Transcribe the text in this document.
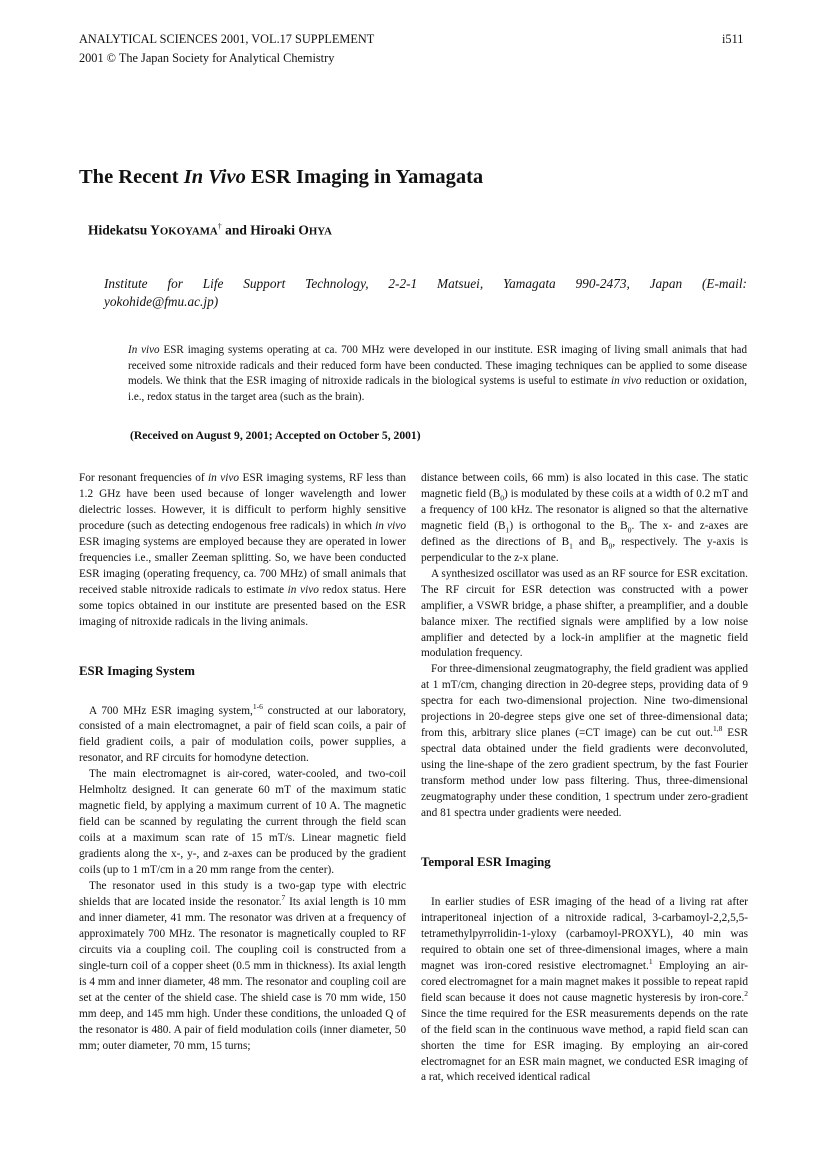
ANALYTICAL SCIENCES 2001, VOL.17 SUPPLEMENT
2001 © The Japan Society for Analytical Chemistry
i511
The Recent In Vivo ESR Imaging in Yamagata
Hidekatsu YOKOYAMA† and Hiroaki OHYA
Institute for Life Support Technology, 2-2-1 Matsuei, Yamagata 990-2473, Japan (E-mail:
yokohide@fmu.ac.jp)
In vivo ESR imaging systems operating at ca. 700 MHz were developed in our institute. ESR imaging of living small animals that had received some nitroxide radicals and their reduced form have been conducted. These imaging techniques can be applied to some disease models. We think that the ESR imaging of nitroxide radicals in the biological systems is useful to estimate in vivo reduction or oxidation, i.e., redox status in the target area (such as the brain).
(Received on August 9, 2001; Accepted on October 5, 2001)

For resonant frequencies of in vivo ESR imaging systems, RF less than 1.2 GHz have been used because of longer wavelength and lower dielectric losses. However, it is difficult to perform highly sensitive procedure (such as detecting endogenous free radicals) in which in vivo ESR imaging systems are employed because they are operated in lower frequencies i.e., smaller Zeeman splitting. So, we have been conducted ESR imaging (operating frequency, ca. 700 MHz) of small animals that received stable nitroxide radicals to estimate in vivo redox status. Here some topics obtained in our institute are presented based on the ESR imaging of nitroxide radicals in the living animals.

ESR Imaging System

A 700 MHz ESR imaging system,$^{1-6}$ constructed at our laboratory, consisted of a main electromagnet, a pair of field scan coils, a pair of field gradient coils, a pair of modulation coils, power supplies, a resonator, and RF circuits for homodyne detection.

The main electromagnet is air-cored, water-cooled, and two-coil Helmholtz designed. It can generate 60 mT of the maximum static magnetic field, by applying a maximum current of 10 A. The magnetic field can be scanned by regulating the current through the field scan coils at a maximum scan rate of 15 mT/s. Linear magnetic field gradients along the x-, y-, and z-axes can be produced by the gradient coils (up to 1 mT/cm in a 20 mm range from the center).

The resonator used in this study is a two-gap type with electric shields that are located inside the resonator.$^7$ Its axial length is 10 mm and inner diameter, 41 mm. The resonator was driven at a frequency of approximately 700 MHz. The resonator is magnetically coupled to RF circuits via a coupling coil. The coupling coil is constructed from a single-turn coil of a copper sheet (0.5 mm in thickness). Its axial length is 4 mm and inner diameter, 48 mm. The resonator and coupling coil are set at the center of the shield case. The shield case is 70 mm wide, 150 mm deep, and 145 mm high. Under these conditions, the unloaded Q of the resonator is 480. A pair of field modulation coils (inner diameter, 50 mm; outer diameter, 70 mm, 15 turns;

distance between coils, 66 mm) is also located in this case. The static magnetic field $(B_0)$ is modulated by these coils at a width of 0.2 mT and a frequency of 100 kHz. The resonator is aligned so that the alternative magnetic field $(B_1)$ is orthogonal to the $B_0$. The x- and z-axes are defined as the directions of $B_1$ and $B_0$, respectively. The y-axis is perpendicular to the z-x plane.

A synthesized oscillator was used as an RF source for ESR excitation. The RF circuit for ESR detection was constructed with a power amplifier, a VSWR bridge, a phase shifter, a preamplifier, and a double balance mixer. The rectified signals were amplified by a low noise amplifier and detected by a lock-in amplifier at the magnetic field modulation frequency.

For three-dimensional zeugmatography, the field gradient was applied at 1 mT/cm, changing direction in 20-degree steps, providing data of 9 spectra for each two-dimensional projection. Nine two-dimensional projections in 20-degree steps give one set of three-dimensional data; from this, arbitrary slice planes (=CT image) can be cut out.$^{1,8}$ ESR spectral data obtained under the field gradients were deconvoluted, using the line-shape of the zero gradient spectrum, by the fast Fourier transform method under low pass filtering. Thus, three-dimensional zeugmatography under these condition, 1 spectrum under zero-gradient and 81 spectra under gradients were needed.

Temporal ESR Imaging

In earlier studies of ESR imaging of the head of a living rat after intraperitoneal injection of a nitroxide radical, 3-carbamoyl-2,2,5,5-tetramethylpyrrolidin-1-yloxy (carbamoyl-PROXYL), 40 min was required to obtain one set of three-dimensional images, where a main magnet was iron-cored resistive electromagnet.$^1$ Employing an air-cored electromagnet for a main magnet makes it possible to repeat rapid field scan because it does not cause magnetic hysteresis by iron-core.$^2$ Since the time required for the ESR measurements depends on the rate of the field scan in the continuous wave method, a rapid field scan can shorten the time for ESR imaging. By employing an air-cored electromagnet for an ESR main magnet, we conducted ESR imaging of a rat, which received identical radical
